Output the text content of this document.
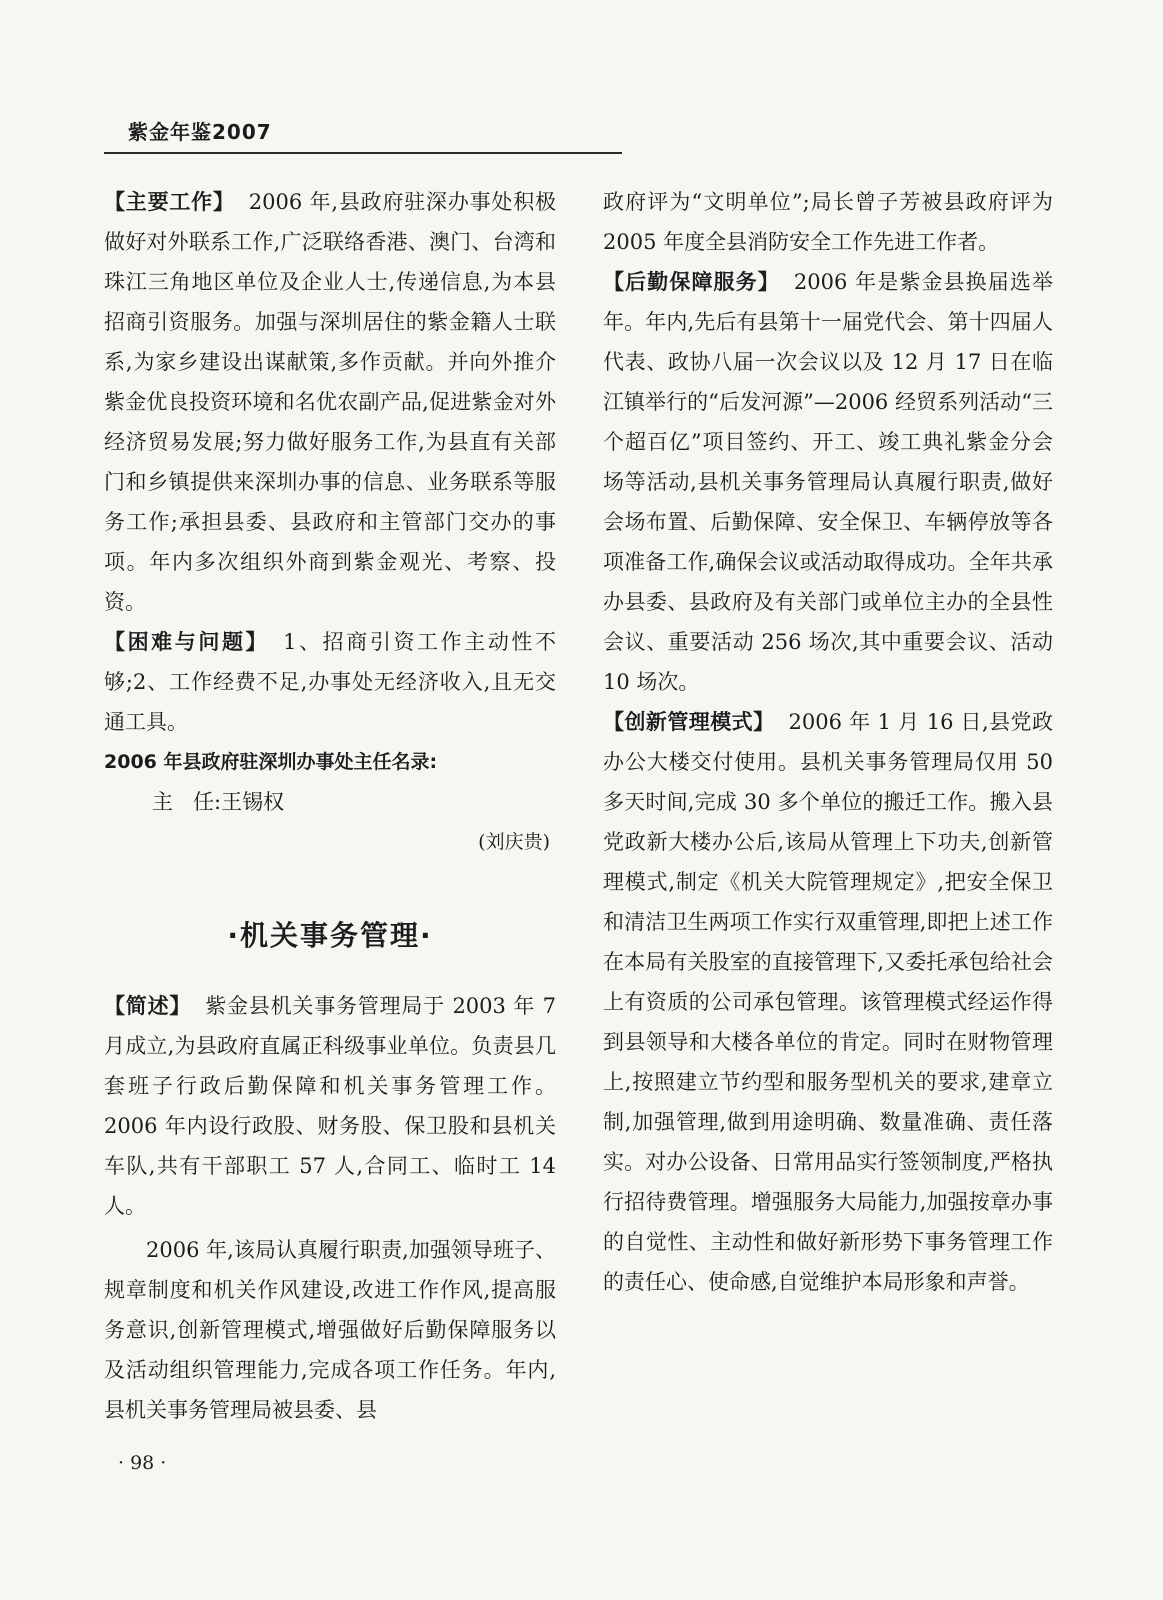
紫金年鉴2007

【主要工作】 2006 年,县政府驻深办事处积极做好对外联系工作,广泛联络香港、澳门、台湾和珠江三角地区单位及企业人士,传递信息,为本县招商引资服务。加强与深圳居住的紫金籍人士联系,为家乡建设出谋献策,多作贡献。并向外推介紫金优良投资环境和名优农副产品,促进紫金对外经济贸易发展;努力做好服务工作,为县直有关部门和乡镇提供来深圳办事的信息、业务联系等服务工作;承担县委、县政府和主管部门交办的事项。年内多次组织外商到紫金观光、考察、投资。

【困难与问题】 1、招商引资工作主动性不够;2、工作经费不足,办事处无经济收入,且无交通工具。

2006 年县政府驻深圳办事处主任名录:

主   任:王锡权

(刘庆贵)

·机关事务管理·

【简述】 紫金县机关事务管理局于 2003 年 7 月成立,为县政府直属正科级事业单位。负责县几套班子行政后勤保障和机关事务管理工作。2006 年内设行政股、财务股、保卫股和县机关车队,共有干部职工 57 人,合同工、临时工 14 人。

2006 年,该局认真履行职责,加强领导班子、规章制度和机关作风建设,改进工作作风,提高服务意识,创新管理模式,增强做好后勤保障服务以及活动组织管理能力,完成各项工作任务。年内,县机关事务管理局被县委、县

政府评为“文明单位”;局长曾子芳被县政府评为 2005 年度全县消防安全工作先进工作者。

【后勤保障服务】 2006 年是紫金县换届选举年。年内,先后有县第十一届党代会、第十四届人代表、政协八届一次会议以及 12 月 17 日在临江镇举行的“后发河源”—2006 经贸系列活动“三个超百亿”项目签约、开工、竣工典礼紫金分会场等活动,县机关事务管理局认真履行职责,做好会场布置、后勤保障、安全保卫、车辆停放等各项准备工作,确保会议或活动取得成功。全年共承办县委、县政府及有关部门或单位主办的全县性会议、重要活动 256 场次,其中重要会议、活动 10 场次。

【创新管理模式】 2006 年 1 月 16 日,县党政办公大楼交付使用。县机关事务管理局仅用 50 多天时间,完成 30 多个单位的搬迁工作。搬入县党政新大楼办公后,该局从管理上下功夫,创新管理模式,制定《机关大院管理规定》,把安全保卫和清洁卫生两项工作实行双重管理,即把上述工作在本局有关股室的直接管理下,又委托承包给社会上有资质的公司承包管理。该管理模式经运作得到县领导和大楼各单位的肯定。同时在财物管理上,按照建立节约型和服务型机关的要求,建章立制,加强管理,做到用途明确、数量准确、责任落实。对办公设备、日常用品实行签领制度,严格执行招待费管理。增强服务大局能力,加强按章办事的自觉性、主动性和做好新形势下事务管理工作的责任心、使命感,自觉维护本局形象和声誉。

· 98 ·
